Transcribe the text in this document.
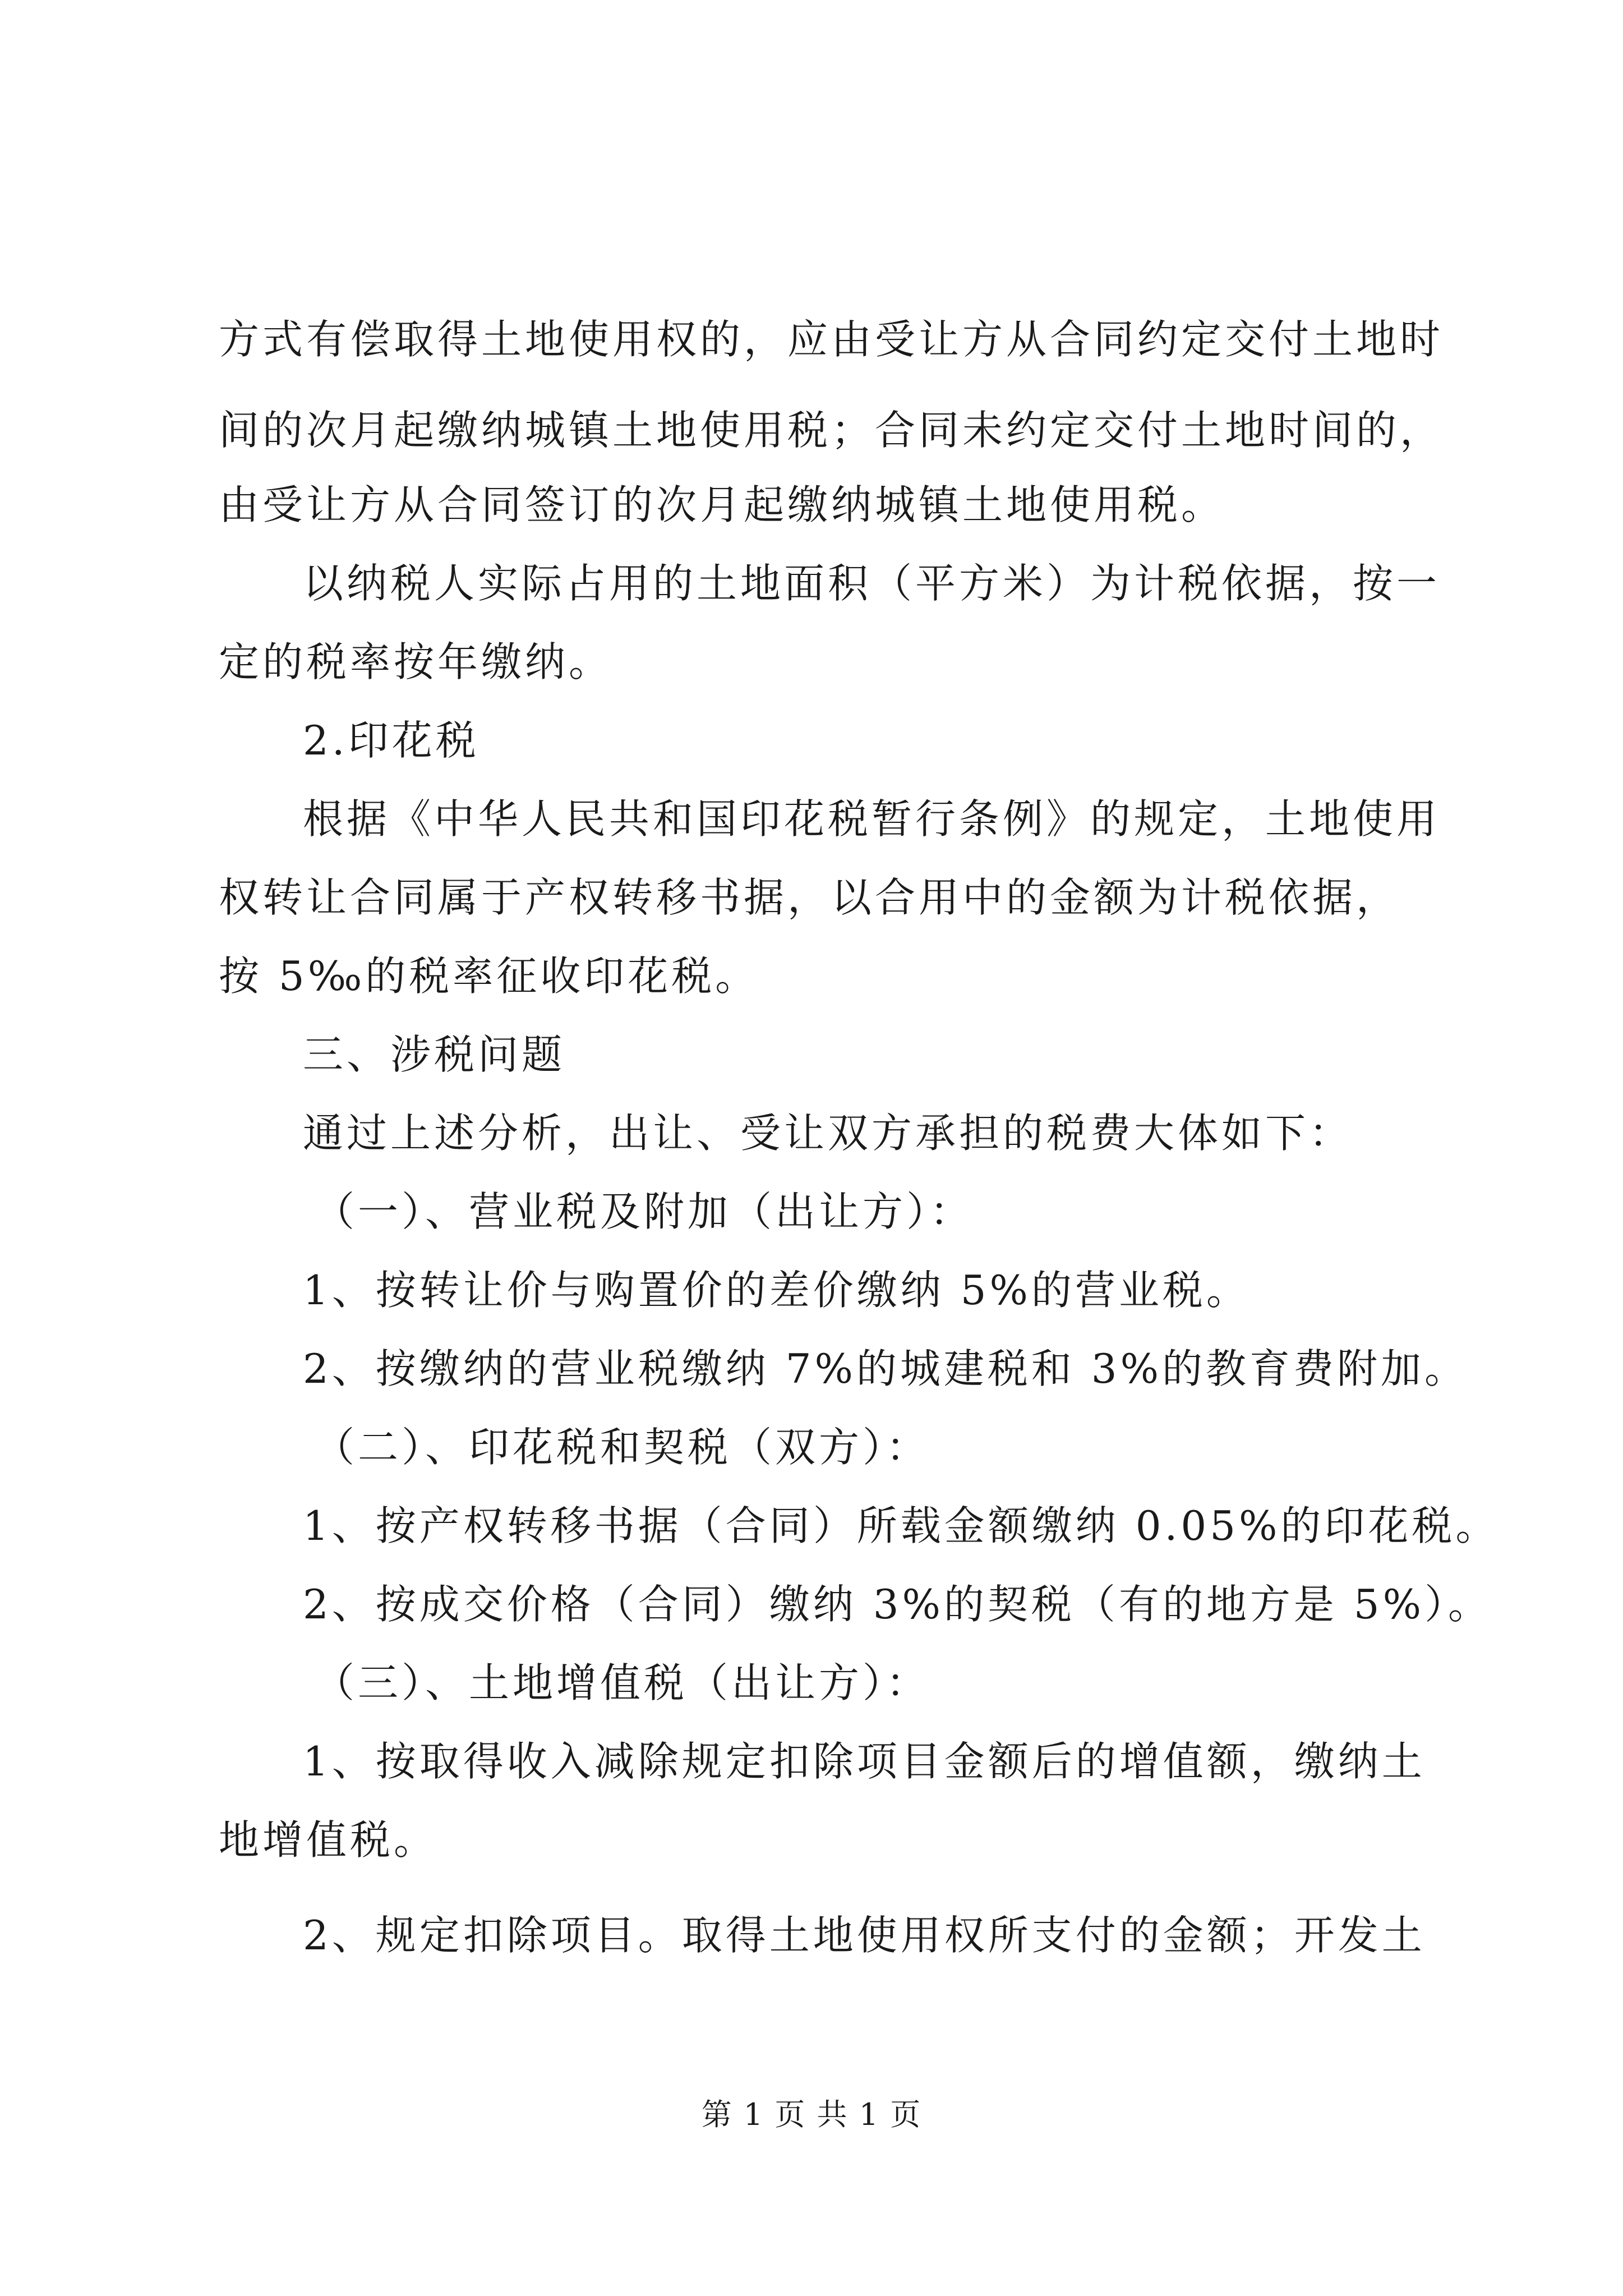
方式有偿取得土地使用权的，应由受让方从合同约定交付土地时
间的次月起缴纳城镇土地使用税；合同未约定交付土地时间的，
由受让方从合同签订的次月起缴纳城镇土地使用税。
以纳税人实际占用的土地面积（平方米）为计税依据，按一
定的税率按年缴纳。
2.印花税
根据《中华人民共和国印花税暂行条例》的规定，土地使用
权转让合同属于产权转移书据，以合用中的金额为计税依据，
按 5‰的税率征收印花税。
三、涉税问题
通过上述分析，出让、受让双方承担的税费大体如下：
（一）、营业税及附加（出让方）：
1、按转让价与购置价的差价缴纳 5%的营业税。
2、按缴纳的营业税缴纳 7%的城建税和 3%的教育费附加。
（二）、印花税和契税（双方）：
1、按产权转移书据（合同）所载金额缴纳 0.05%的印花税。
2、按成交价格（合同）缴纳 3%的契税（有的地方是 5%）。
（三）、土地增值税（出让方）：
1、按取得收入减除规定扣除项目金额后的增值额，缴纳土
地增值税。
2、规定扣除项目。取得土地使用权所支付的金额；开发土
第 1 页 共 1 页
